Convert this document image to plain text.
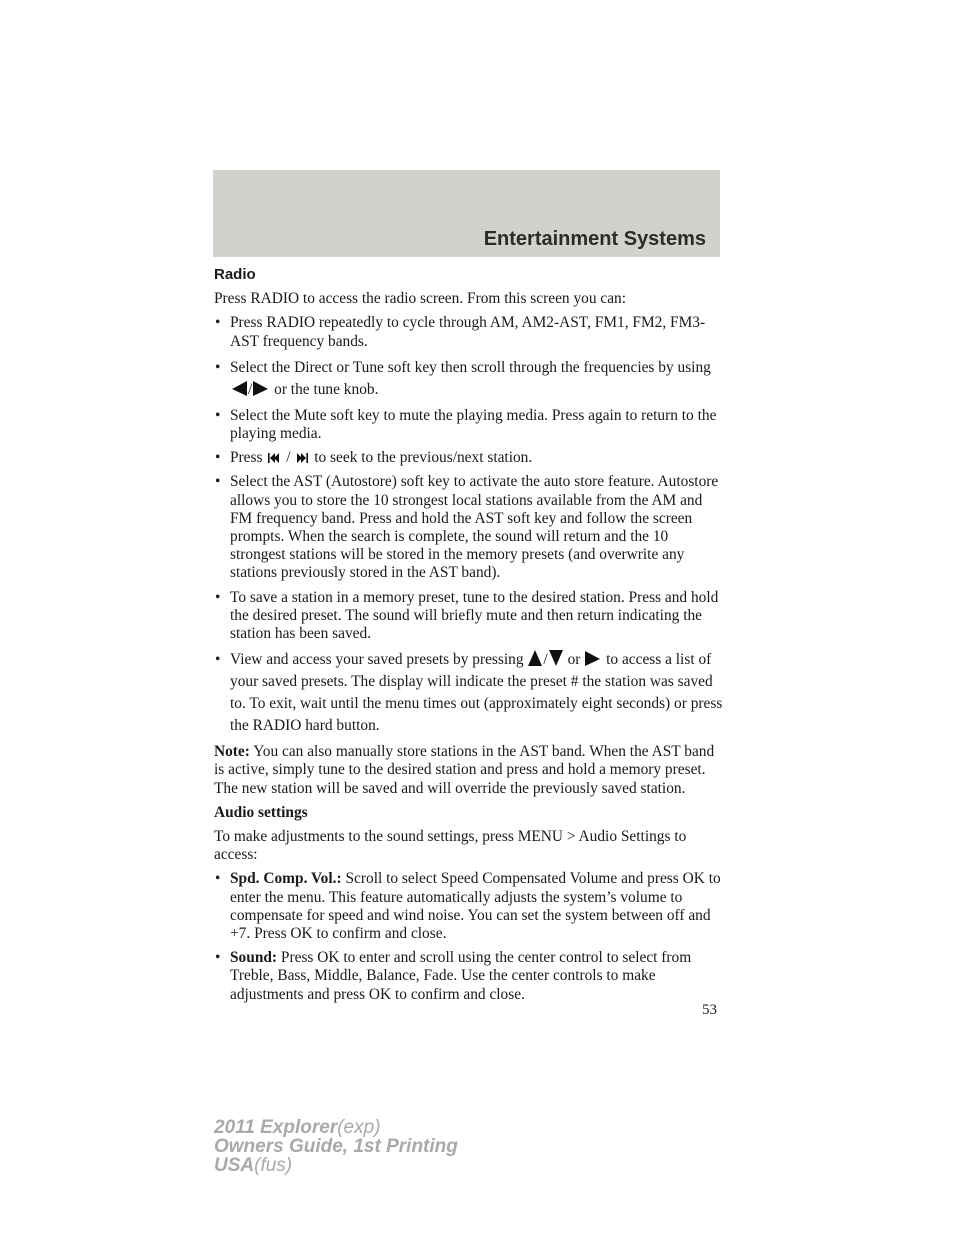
Entertainment Systems
Radio

Press RADIO to access the radio screen. From this screen you can:

• Press RADIO repeatedly to cycle through AM, AM2-AST, FM1, FM2, FM3-AST frequency bands.
• Select the Direct or Tune soft key then scroll through the frequencies by using / or the tune knob.
• Select the Mute soft key to mute the playing media. Press again to return to the playing media.
• Press / to seek to the previous/next station.
• Select the AST (Autostore) soft key to activate the auto store feature. Autostore allows you to store the 10 strongest local stations available from the AM and FM frequency band. Press and hold the AST soft key and follow the screen prompts. When the search is complete, the sound will return and the 10 strongest stations will be stored in the memory presets (and overwrite any stations previously stored in the AST band).
• To save a station in a memory preset, tune to the desired station. Press and hold the desired preset. The sound will briefly mute and then return indicating the station has been saved.
• View and access your saved presets by pressing / or to access a list of your saved presets. The display will indicate the preset # the station was saved to. To exit, wait until the menu times out (approximately eight seconds) or press the RADIO hard button.

Note: You can also manually store stations in the AST band. When the AST band is active, simply tune to the desired station and press and hold a memory preset. The new station will be saved and will override the previously saved station.

Audio settings

To make adjustments to the sound settings, press MENU > Audio Settings to access:

• Spd. Comp. Vol.: Scroll to select Speed Compensated Volume and press OK to enter the menu. This feature automatically adjusts the system’s volume to compensate for speed and wind noise. You can set the system between off and +7. Press OK to confirm and close.
• Sound: Press OK to enter and scroll using the center control to select from Treble, Bass, Middle, Balance, Fade. Use the center controls to make adjustments and press OK to confirm and close.
53
2011 Explorer(exp)
Owners Guide, 1st Printing
USA(fus)
